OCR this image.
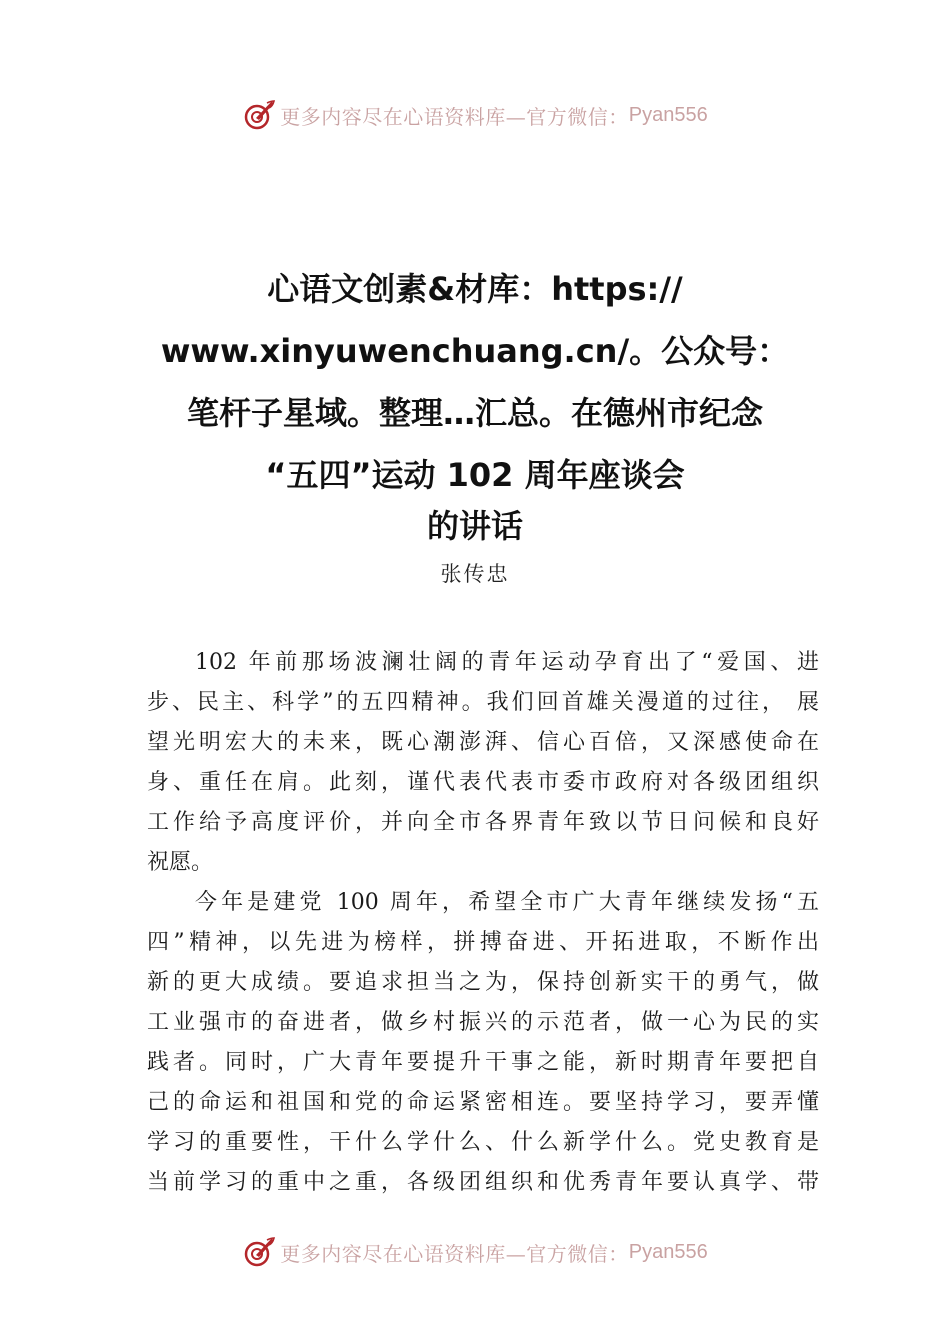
更多内容尽在心语资料库—官方微信： Pyan556
心语文创素&材库：https://
www.xinyuwenchuang.cn/。公众号：
笔杆子星域。整理…汇总。在德州市纪念
“五四”运动 102 周年座谈会
的讲话
张传忠
102 年前那场波澜壮阔的青年运动孕育出了“爱国、进
步、民主、科学”的五四精神。我们回首雄关漫道的过往， 展
望光明宏大的未来，既心潮澎湃、信心百倍，又深感使命在
身、重任在肩。此刻，谨代表代表市委市政府对各级团组织
工作给予高度评价，并向全市各界青年致以节日问候和良好
祝愿。
今年是建党 100 周年，希望全市广大青年继续发扬“五
四”精神，以先进为榜样，拼搏奋进、开拓进取，不断作出
新的更大成绩。要追求担当之为，保持创新实干的勇气，做
工业强市的奋进者，做乡村振兴的示范者，做一心为民的实
践者。同时，广大青年要提升干事之能，新时期青年要把自
己的命运和祖国和党的命运紧密相连。要坚持学习，要弄懂
学习的重要性，干什么学什么、什么新学什么。党史教育是
当前学习的重中之重，各级团组织和优秀青年要认真学、带
更多内容尽在心语资料库—官方微信： Pyan556
